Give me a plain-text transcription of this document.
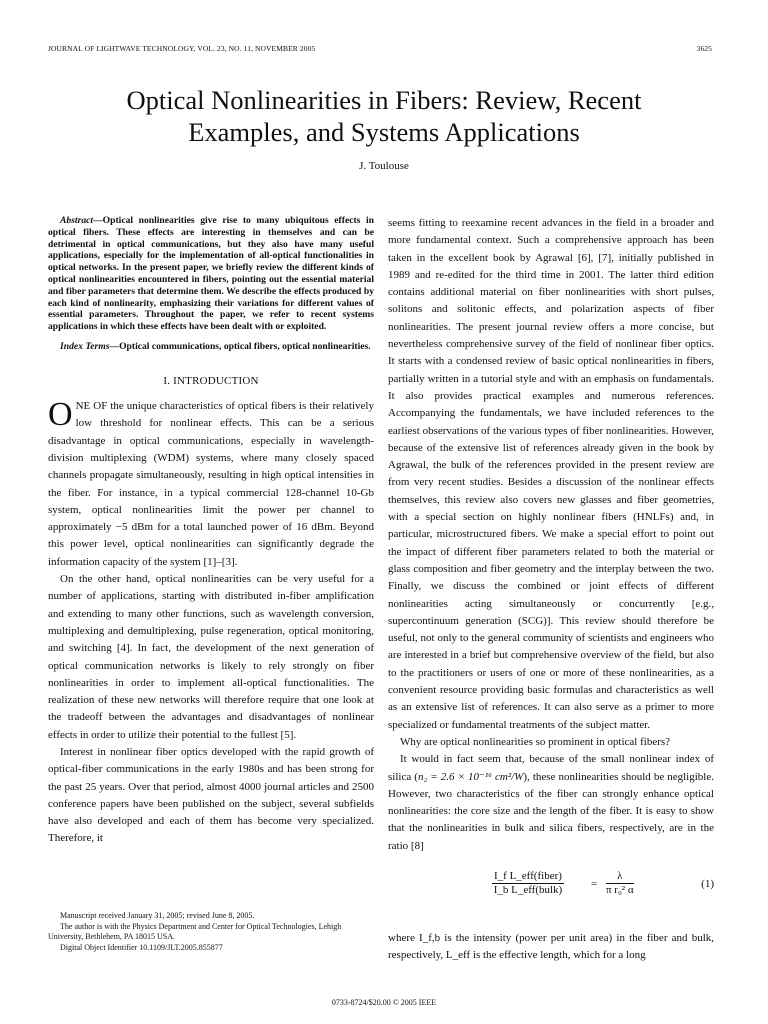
JOURNAL OF LIGHTWAVE TECHNOLOGY, VOL. 23, NO. 11, NOVEMBER 2005	3625
Optical Nonlinearities in Fibers: Review, Recent
Examples, and Systems Applications
J. Toulouse

Abstract—Optical nonlinearities give rise to many ubiquitous effects in optical fibers. These effects are interesting in themselves and can be detrimental in optical communications, but they also have many useful applications, especially for the implementation of all-optical functionalities in optical networks. In the present paper, we briefly review the different kinds of optical nonlinearities encountered in fibers, pointing out the essential material and fiber parameters that determine them. We describe the effects produced by each kind of nonlinearity, emphasizing their variations for different values of essential parameters. Throughout the paper, we refer to recent systems applications in which these effects have been dealt with or exploited.

Index Terms—Optical communications, optical fibers, optical nonlinearities.

I. INTRODUCTION

ONE OF the unique characteristics of optical fibers is their relatively low threshold for nonlinear effects. This can be a serious disadvantage in optical communications, especially in wavelength-division multiplexing (WDM) systems, where many closely spaced channels propagate simultaneously, resulting in high optical intensities in the fiber. For instance, in a typical commercial 128-channel 10-Gb system, optical nonlinearities limit the power per channel to approximately −5 dBm for a total launched power of 16 dBm. Beyond this power level, optical nonlinearities can significantly degrade the information capacity of the system [1]–[3].

On the other hand, optical nonlinearities can be very useful for a number of applications, starting with distributed in-fiber amplification and extending to many other functions, such as wavelength conversion, multiplexing and demultiplexing, pulse regeneration, optical monitoring, and switching [4]. In fact, the development of the next generation of optical communication networks is likely to rely strongly on fiber nonlinearities in order to implement all-optical functionalities. The realization of these new networks will therefore require that one look at the tradeoff between the advantages and disadvantages of nonlinear effects in order to utilize their potential to the fullest [5].

Interest in nonlinear fiber optics developed with the rapid growth of optical-fiber communications in the early 1980s and has been strong for the past 25 years. Over that period, almost 4000 journal articles and 2500 conference papers have been published on the subject, several subfields have also developed and each of them has become very specialized. Therefore, it

seems fitting to reexamine recent advances in the field in a broader and more fundamental context. Such a comprehensive approach has been taken in the excellent book by Agrawal [6], [7], initially published in 1989 and re-edited for the third time in 2001. The latter third edition contains additional material on fiber nonlinearities with short pulses, solitons and solitonic effects, and polarization aspects of fiber nonlinearities. The present journal review offers a more concise, but nevertheless comprehensive survey of the field of nonlinear fiber optics. It starts with a condensed review of basic optical nonlinearities in fibers, partially written in a tutorial style and with an emphasis on fundamentals. It also provides practical examples and numerous references. Accompanying the fundamentals, we have included references to the earliest observations of the various types of fiber nonlinearities. However, because of the extensive list of references already given in the book by Agrawal, the bulk of the references provided in the present review are from very recent studies. Besides a discussion of the nonlinear effects themselves, this review also covers new glasses and fiber geometries, with a special section on highly nonlinear fibers (HNLFs) and, in particular, microstructured fibers. We make a special effort to point out the impact of different fiber parameters related to both the material or glass composition and fiber geometry and the interplay between the two. Finally, we discuss the combined or joint effects of different nonlinearities acting simultaneously or concurrently [e.g., supercontinuum generation (SCG)]. This review should therefore be useful, not only to the general community of scientists and engineers who are interested in a brief but comprehensive overview of the field, but also to the practitioners or users of one or more of these nonlinearities, as a convenient resource providing basic formulas and characteristics as well as an extensive list of references. It can also serve as a primer to more specialized or fundamental treatments of the subject matter.

Why are optical nonlinearities so prominent in optical fibers?

It would in fact seem that, because of the small nonlinear index of silica (n₂ = 2.6 × 10⁻¹⁶ cm²/W), these nonlinearities should be negligible. However, two characteristics of the fiber can strongly enhance optical nonlinearities: the core size and the length of the fiber. It is easy to show that the nonlinearities in bulk and silica fibers, respectively, are in the ratio [8]

I_f L_eff(fiber)
I_b L_eff(bulk)	= $\frac{\lambda}{\text{π r₀² α}}$	(1)

where I_f,b is the intensity (power per unit area) in the fiber and bulk, respectively, L_eff is the effective length, which for a long

Manuscript received January 31, 2005; revised June 8, 2005.

The author is with the Physics Department and Center for Optical Technologies, Lehigh University, Bethlehem, PA 18015 USA.

Digital Object Identifier 10.1109/JLT.2005.855877

0733-8724/$20.00 © 2005 IEEE
